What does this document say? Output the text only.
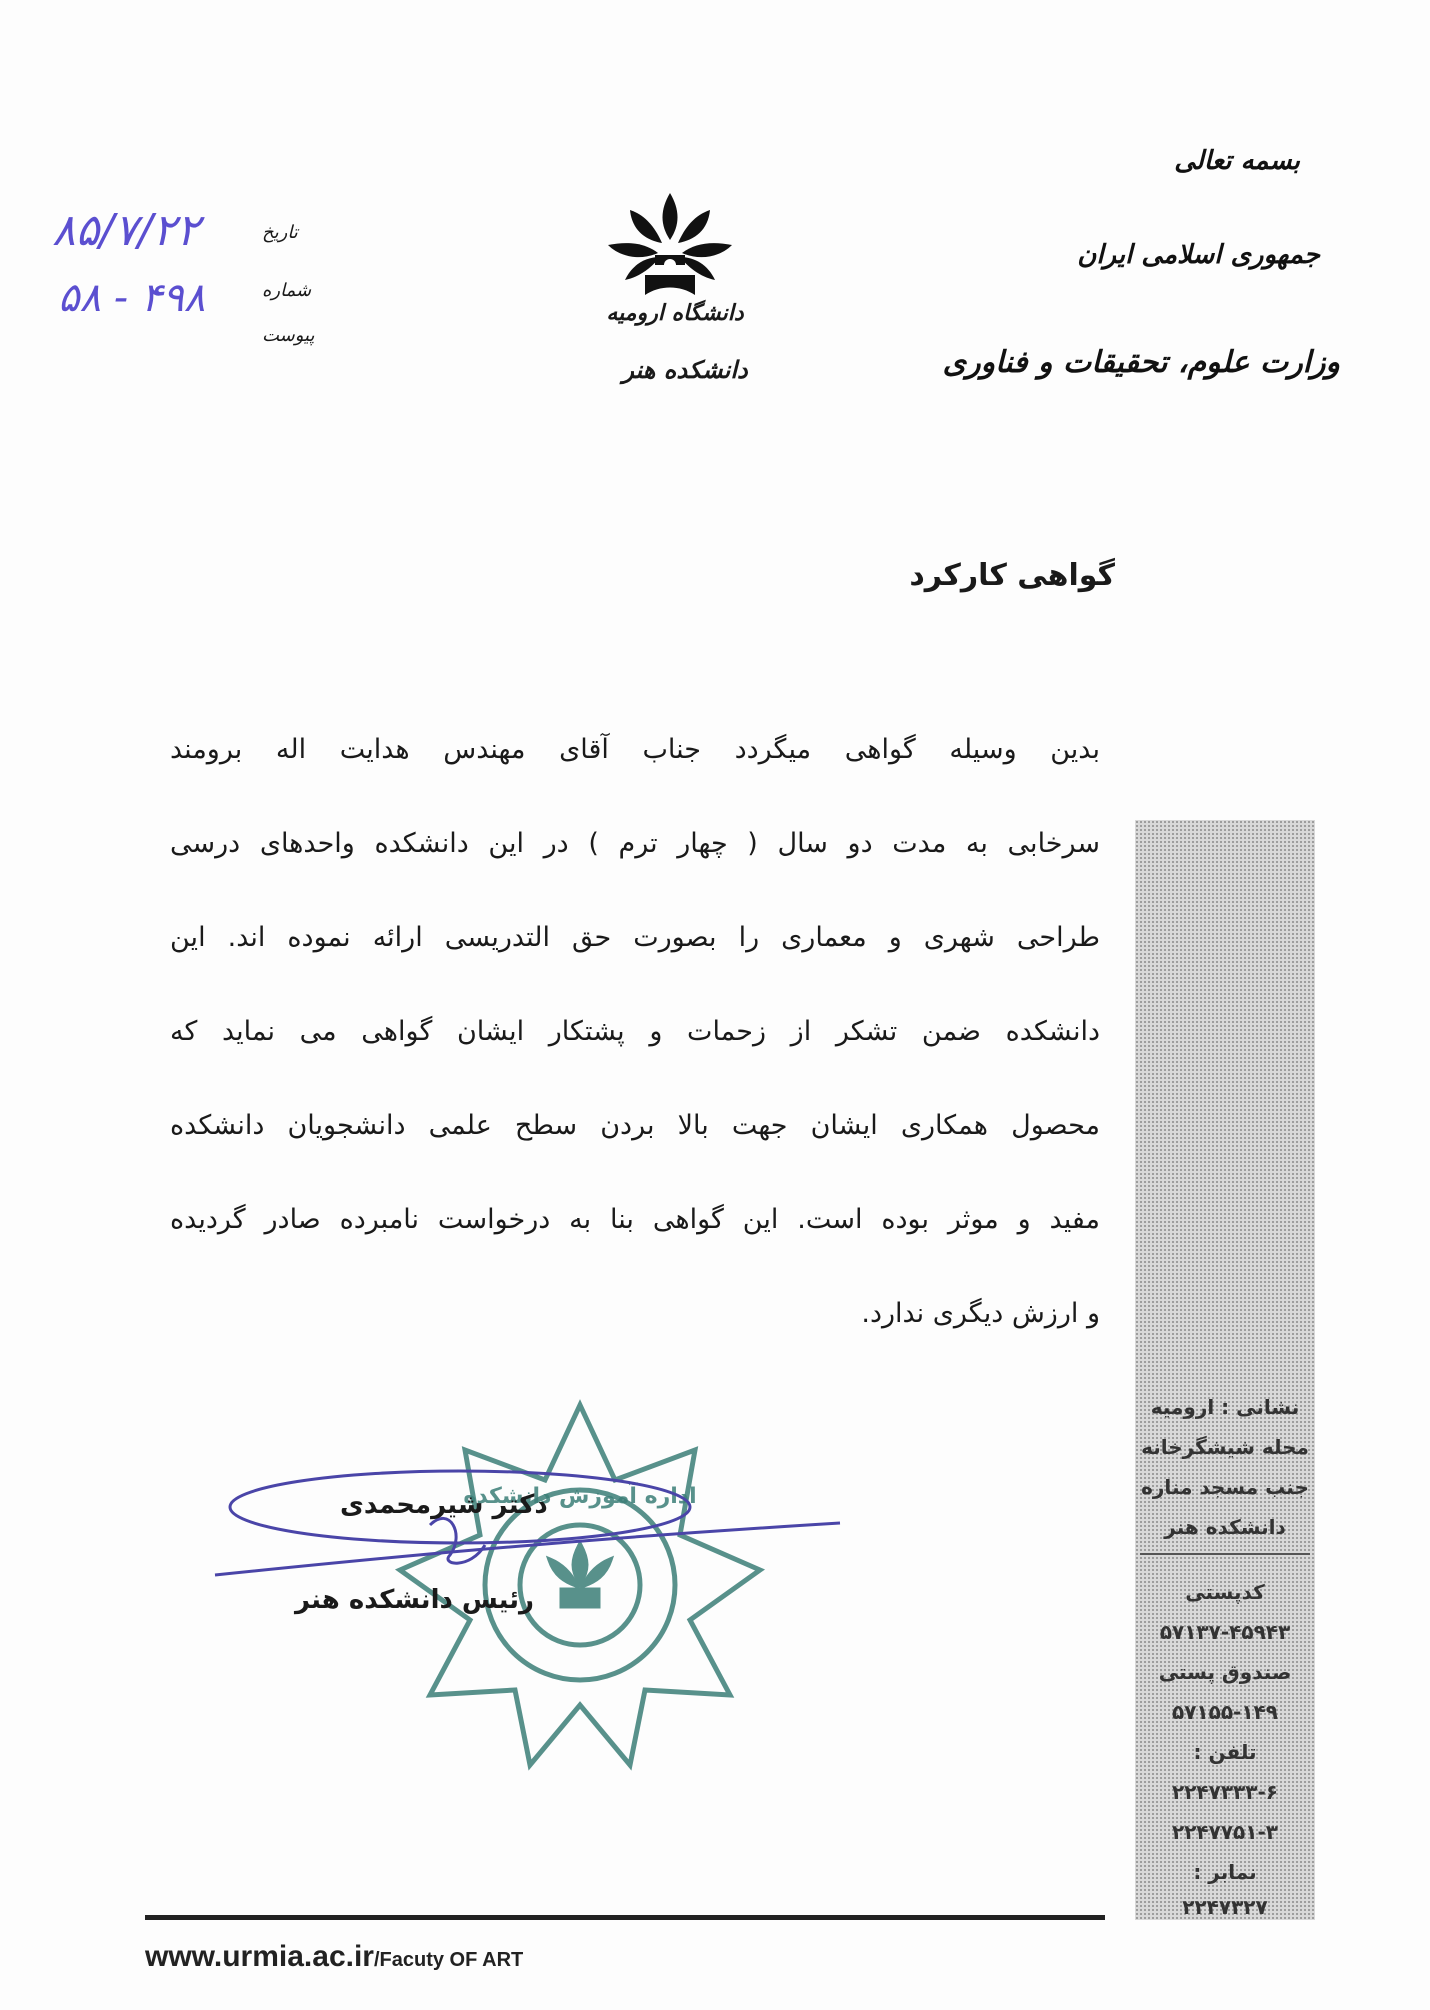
بسمه تعالی
جمهوری اسلامی ایران
وزارت علوم، تحقیقات و فناوری
دانشگاه ارومیه
دانشکده هنر
تاریخ
شماره
پیوست
۸۵/۷/۲۲
۵۸ - ۴۹۸
گواهی کارکرد

بدین وسیله گواهی میگردد جناب آقای مهندس هدایت اله برومند

سرخابی به مدت دو سال ( چهار ترم ) در این دانشکده واحدهای درسی

طراحی شهری و معماری را بصورت حق التدریسی ارائه نموده اند. این

دانشکده ضمن تشکر از زحمات و پشتکار ایشان گواهی می نماید که

محصول همکاری ایشان جهت بالا بردن سطح علمی دانشجویان دانشکده

مفید و موثر بوده است. این گواهی بنا به درخواست نامبرده صادر گردیده

و ارزش دیگری ندارد.

نشانی : ارومیه
محله شیشگرخانه
جنب مسجد مناره
دانشکده هنر
کدپستی
۵۷۱۳۷-۴۵۹۴۳
صندوق پستی
۵۷۱۵۵-۱۴۹
تلفن :
۲۲۴۷۳۳۳-۶
۲۲۴۷۷۵۱-۳
نمابر :
۲۲۴۷۳۲۷
اداره آموزش دانشکده
دکتر شیرمحمدی
رئیس دانشکده هنر
www.urmia.ac.ir/Facuty OF ART
